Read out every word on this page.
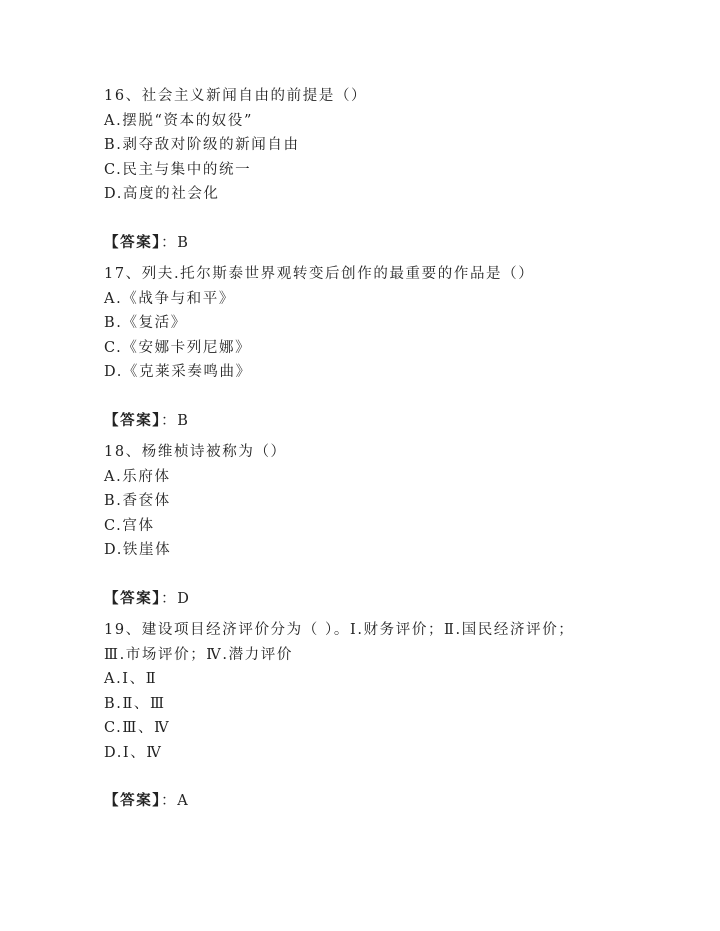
16、社会主义新闻自由的前提是（）

A.摆脱“资本的奴役”

B.剥夺敌对阶级的新闻自由

C.民主与集中的统一

D.高度的社会化

【答案】：B

17、列夫.托尔斯泰世界观转变后创作的最重要的作品是（）

A.《战争与和平》

B.《复活》

C.《安娜卡列尼娜》

D.《克莱采奏鸣曲》

【答案】：B

18、杨维桢诗被称为（）

A.乐府体

B.香奁体

C.宫体

D.铁崖体

【答案】：D

19、建设项目经济评价分为（ ）。Ⅰ.财务评价；Ⅱ.国民经济评价；

Ⅲ.市场评价；Ⅳ.潜力评价

A.Ⅰ、Ⅱ

B.Ⅱ、Ⅲ

C.Ⅲ、Ⅳ

D.Ⅰ、Ⅳ

【答案】：A
